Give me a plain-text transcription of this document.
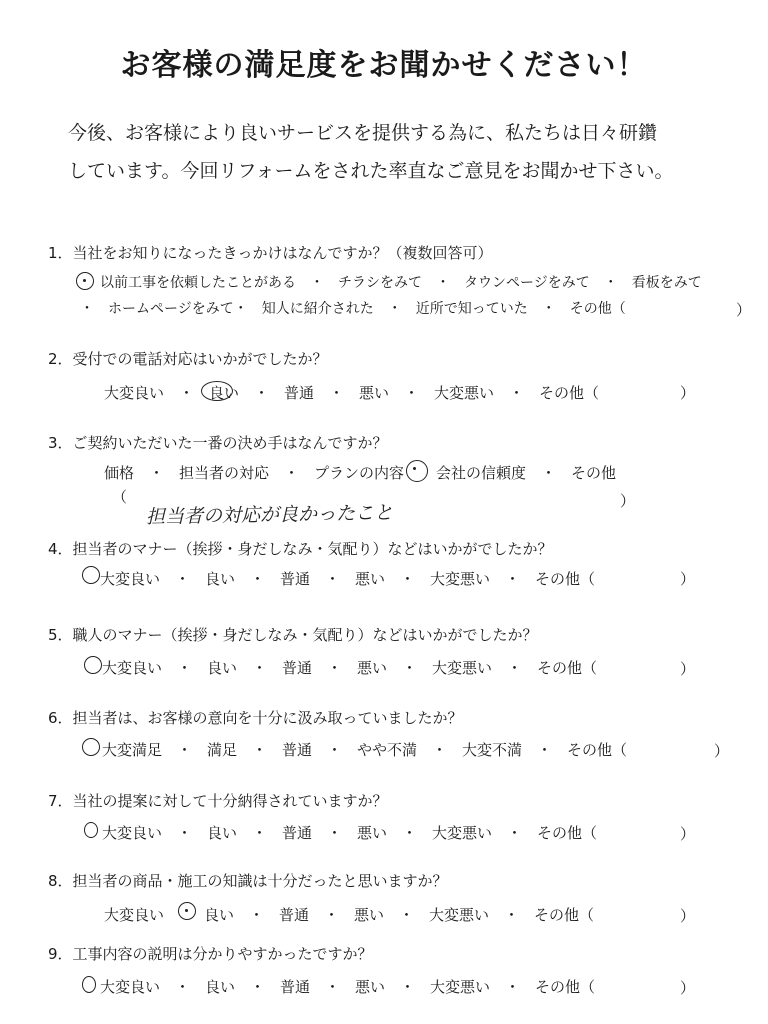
お客様の満足度をお聞かせください！
今後、お客様により良いサービスを提供する為に、私たちは日々研鑽
しています。今回リフォームをされた率直なご意見をお聞かせ下さい。
1．当社をお知りになったきっかけはなんですか？（複数回答可）
以前工事を依頼したことがある　・　チラシをみて　・　タウンページをみて　・　看板をみて
・　ホームページをみて・　知人に紹介された　・　近所で知っていた　・　その他（	）
2．受付での電話対応はいかがでしたか？
大変良い　・　良い　・　普通　・　悪い　・　大変悪い　・　その他（	）
3．ご契約いただいた一番の決め手はなんですか？
価格　・　担当者の対応　・　プランの内容 ○ 会社の信頼度　・　その他
（	）
担当者の対応が良かったこと
4．担当者のマナー（挨拶・身だしなみ・気配り）などはいかがでしたか？
大変良い　・　良い　・　普通　・　悪い　・　大変悪い　・　その他（	）
5．職人のマナー（挨拶・身だしなみ・気配り）などはいかがでしたか？
大変良い　・　良い　・　普通　・　悪い　・　大変悪い　・　その他（	）
6．担当者は、お客様の意向を十分に汲み取っていましたか？
大変満足　・　満足　・　普通　・　やや不満　・　大変不満　・　その他（	）
7．当社の提案に対して十分納得されていますか？
大変良い　・　良い　・　普通　・　悪い　・　大変悪い　・　その他（	）
8．担当者の商品・施工の知識は十分だったと思いますか？
大変良い ○ 良い　・　普通　・　悪い　・　大変悪い　・　その他（	）
9．工事内容の説明は分かりやすかったですか？
大変良い　・　良い　・　普通　・　悪い　・　大変悪い　・　その他（	）
